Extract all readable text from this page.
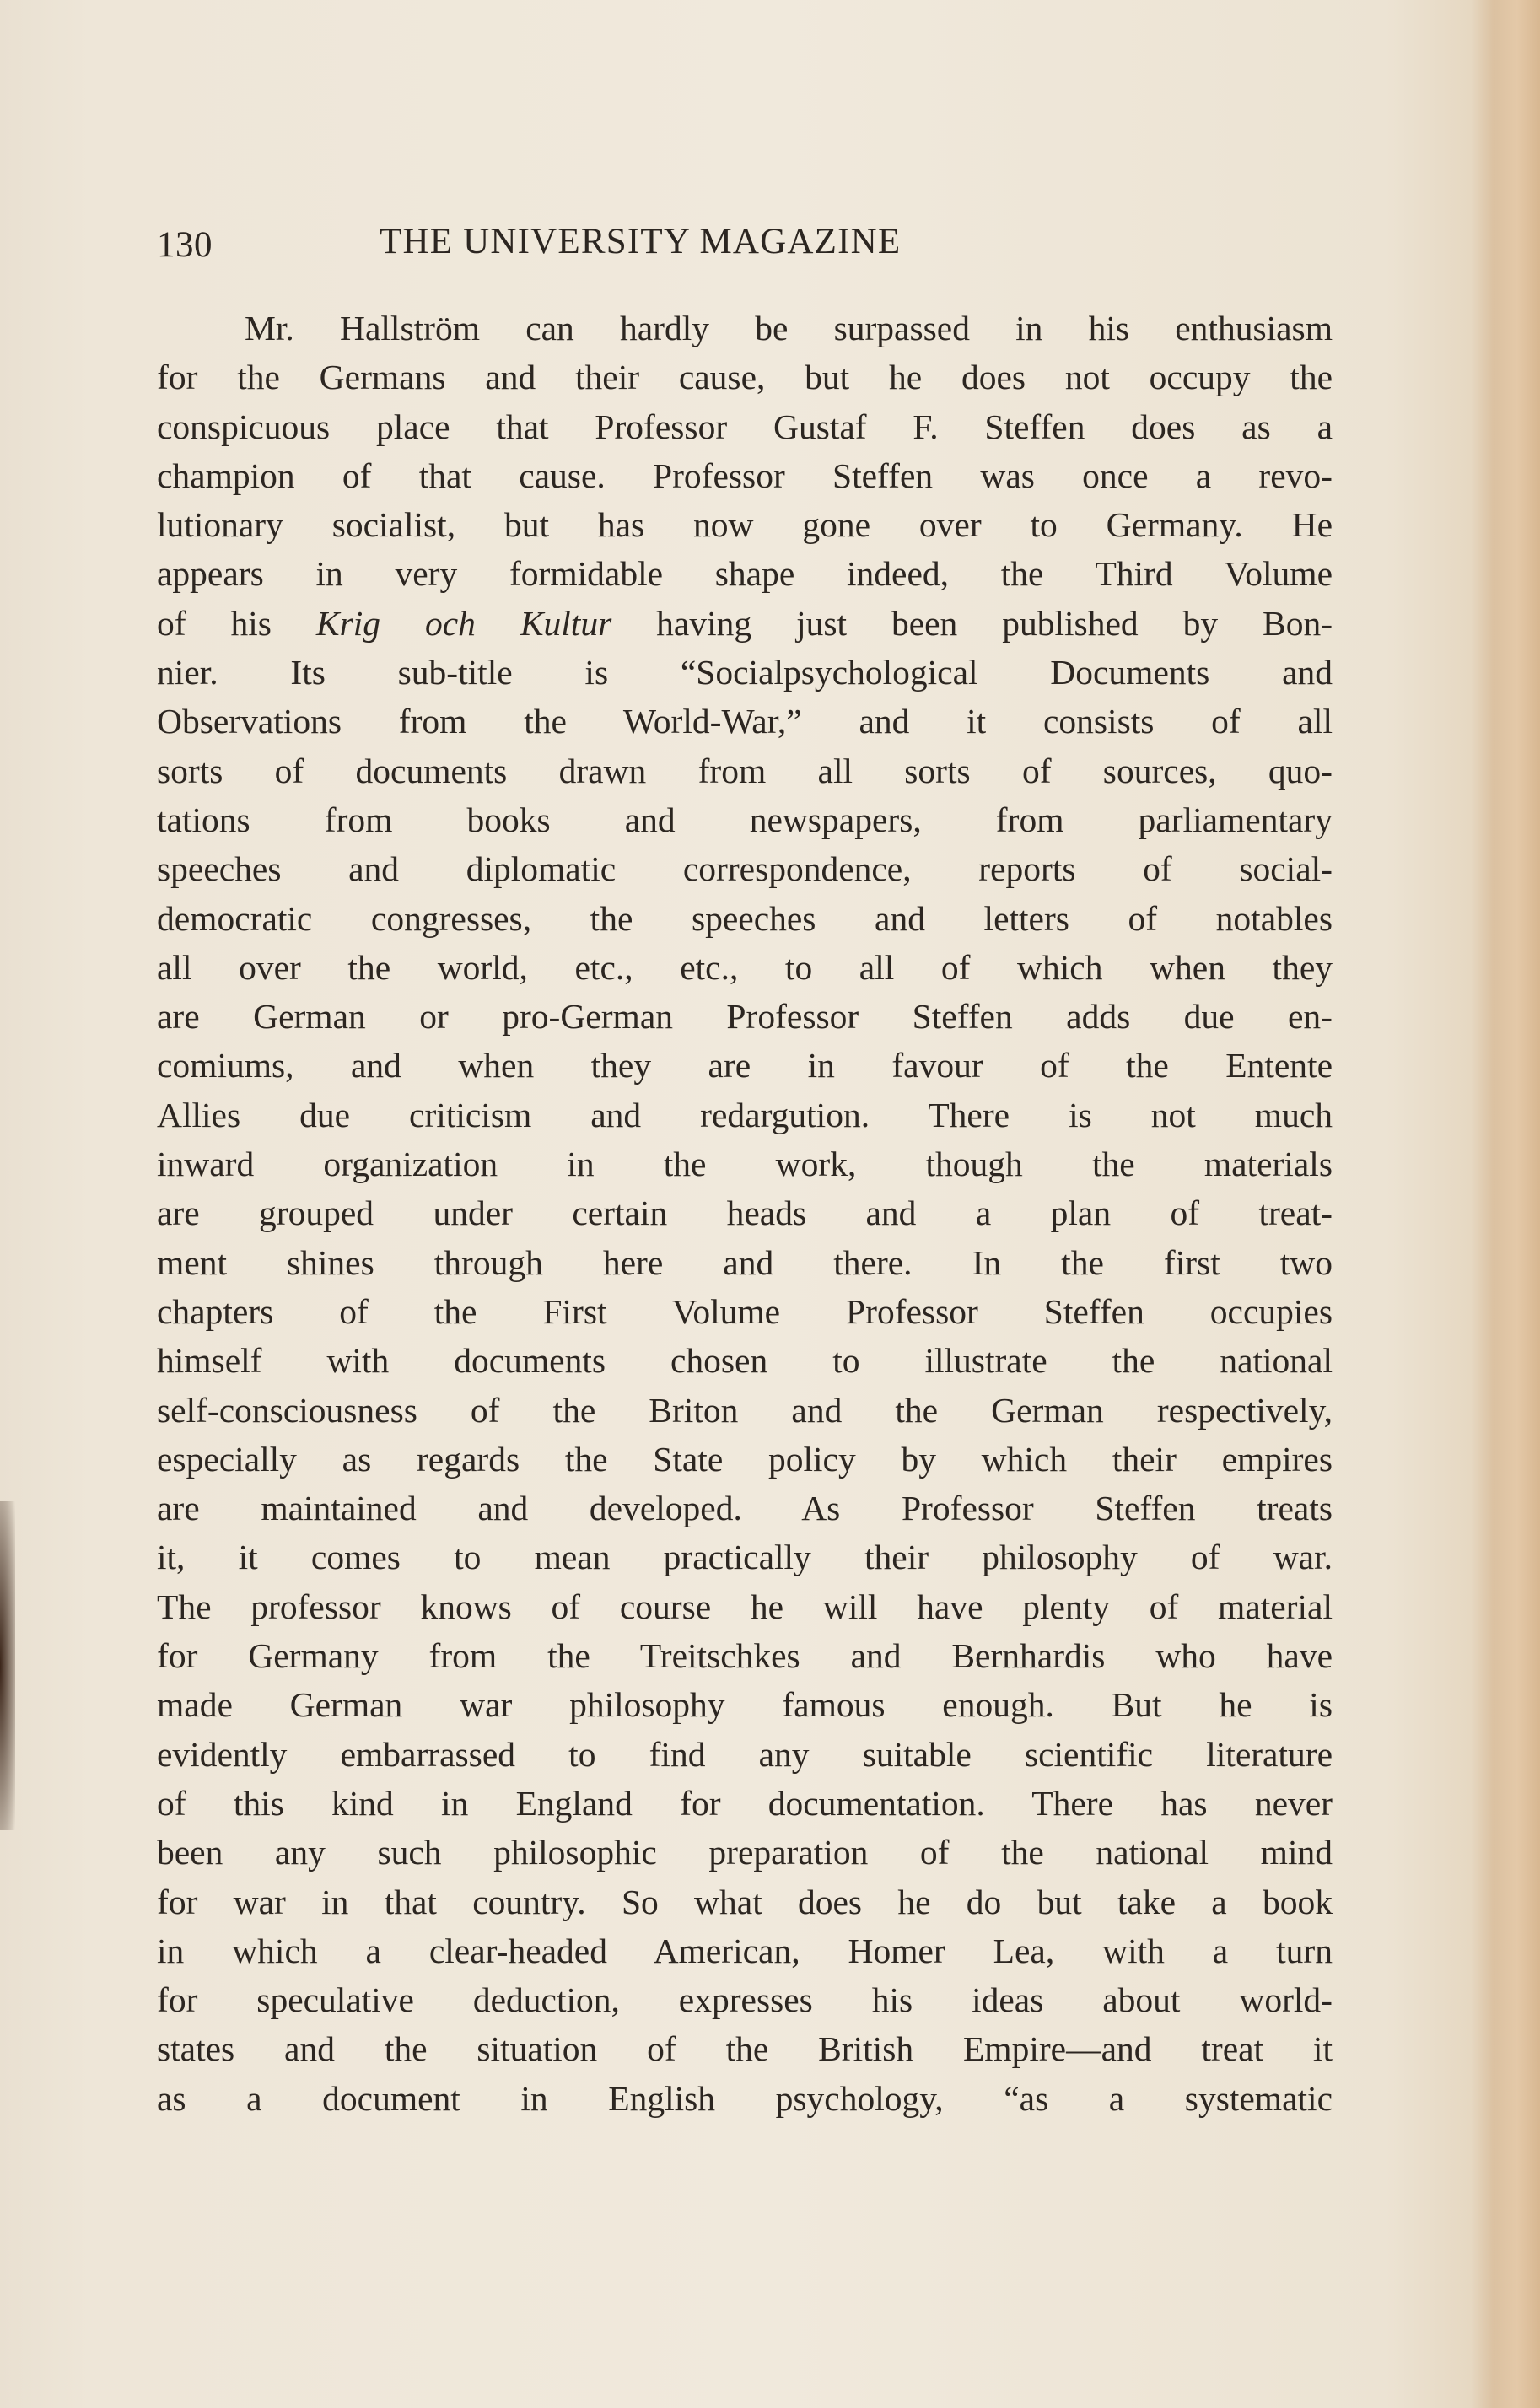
130	THE UNIVERSITY MAGAZINE
Mr. Hallström can hardly be surpassed in his enthusiasm
for the Germans and their cause, but he does not occupy the
conspicuous place that Professor Gustaf F. Steffen does as a
champion of that cause. Professor Steffen was once a revo-
lutionary socialist, but has now gone over to Germany. He
appears in very formidable shape indeed, the Third Volume
of his Krig och Kultur having just been published by Bon-
nier. Its sub-title is “Socialpsychological Documents and
Observations from the World-War,” and it consists of all
sorts of documents drawn from all sorts of sources, quo-
tations from books and newspapers, from parliamentary
speeches and diplomatic correspondence, reports of social-
democratic congresses, the speeches and letters of notables
all over the world, etc., etc., to all of which when they
are German or pro-German Professor Steffen adds due en-
comiums, and when they are in favour of the Entente
Allies due criticism and redargution. There is not much
inward organization in the work, though the materials
are grouped under certain heads and a plan of treat-
ment shines through here and there. In the first two
chapters of the First Volume Professor Steffen occupies
himself with documents chosen to illustrate the national
self-consciousness of the Briton and the German respectively,
especially as regards the State policy by which their empires
are maintained and developed. As Professor Steffen treats
it, it comes to mean practically their philosophy of war.
The professor knows of course he will have plenty of material
for Germany from the Treitschkes and Bernhardis who have
made German war philosophy famous enough. But he is
evidently embarrassed to find any suitable scientific literature
of this kind in England for documentation. There has never
been any such philosophic preparation of the national mind
for war in that country. So what does he do but take a book
in which a clear-headed American, Homer Lea, with a turn
for speculative deduction, expresses his ideas about world-
states and the situation of the British Empire—and treat it
as a document in English psychology, “as a systematic
